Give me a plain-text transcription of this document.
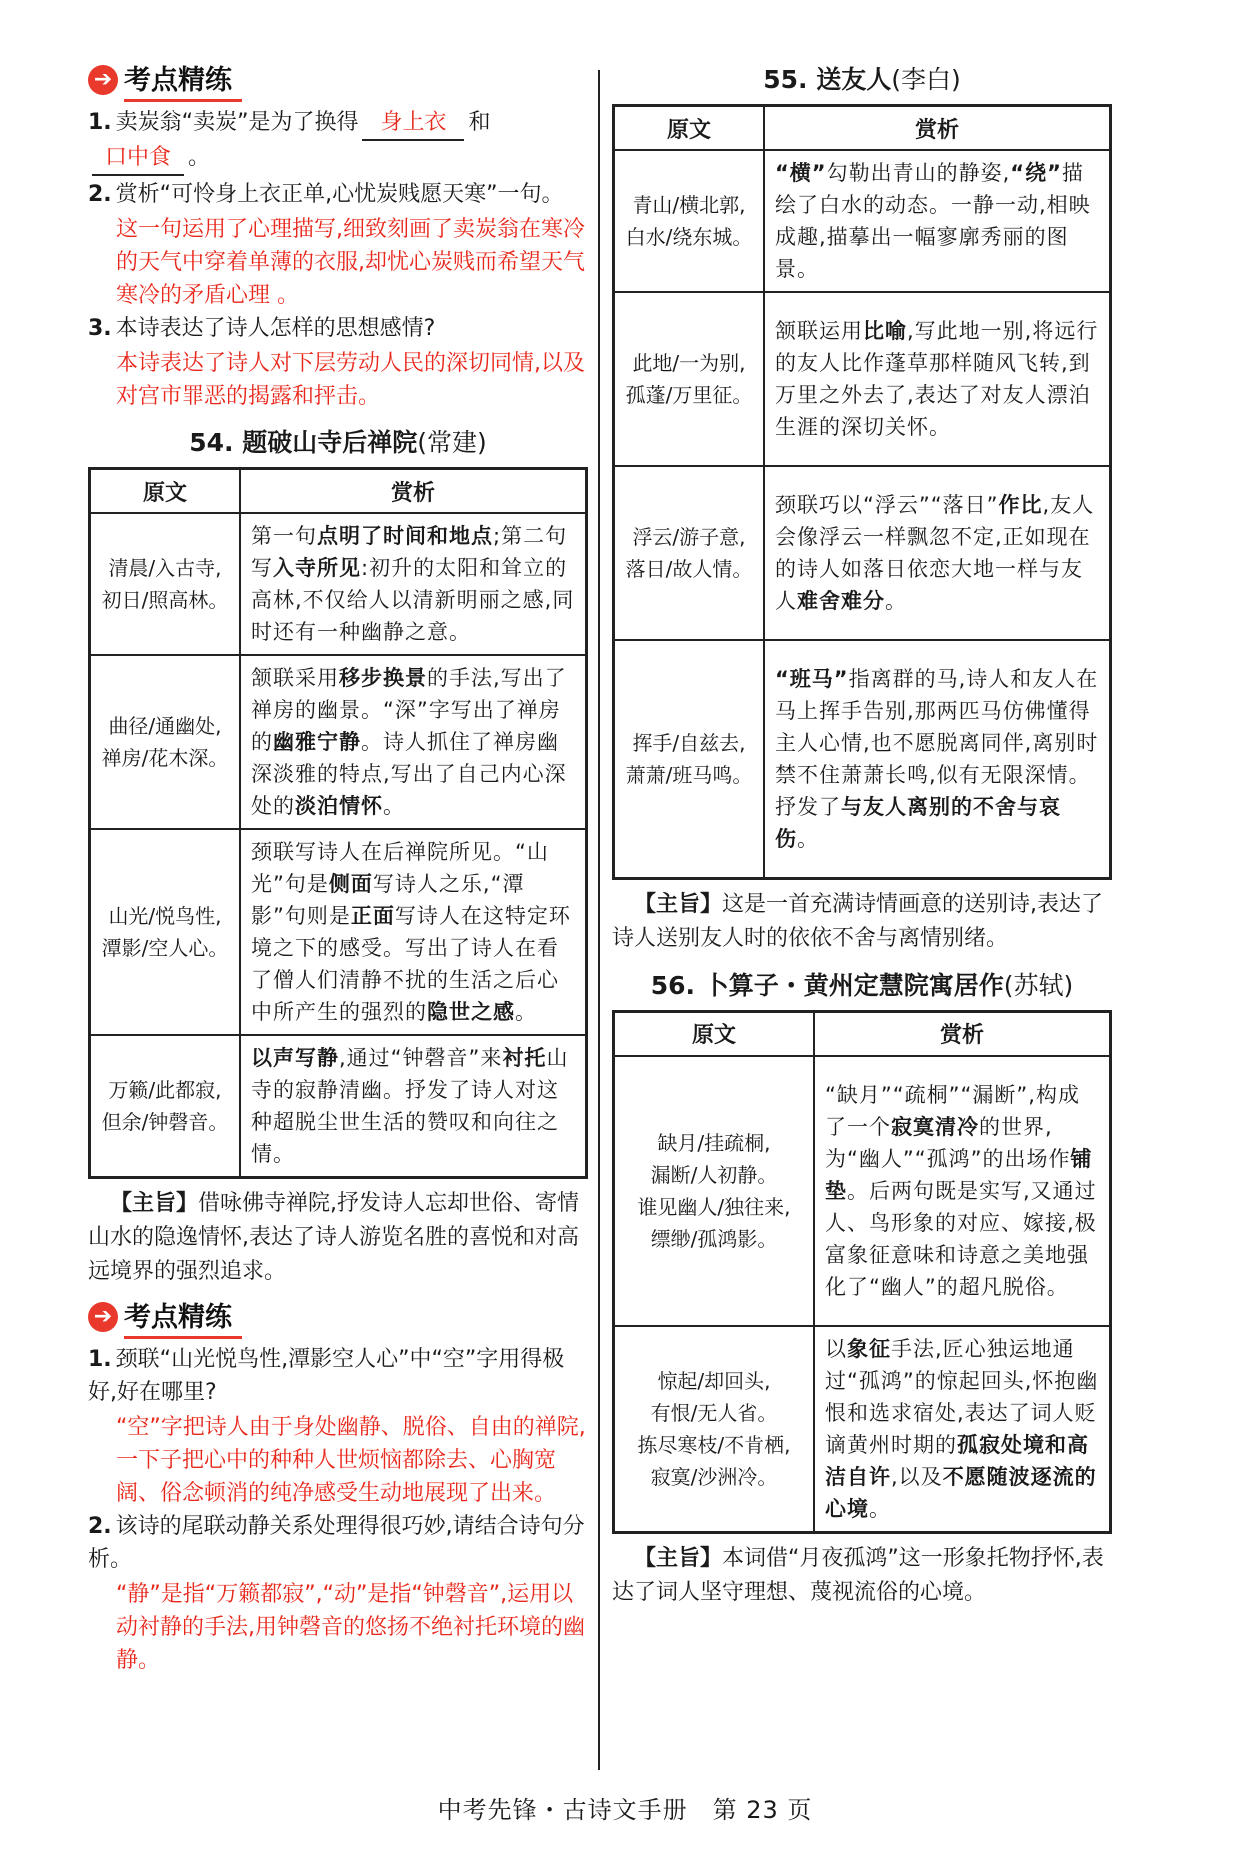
➔ 考点精练
1. 卖炭翁“卖炭”是为了换得 身上衣 和口中食 。
2. 赏析“可怜身上衣正单,心忧炭贱愿天寒”一句。
这一句运用了心理描写,细致刻画了卖炭翁在寒冷的天气中穿着单薄的衣服,却忧心炭贱而希望天气寒冷的矛盾心理 。
3. 本诗表达了诗人怎样的思想感情?
本诗表达了诗人对下层劳动人民的深切同情,以及对宫市罪恶的揭露和抨击。
54. 题破山寺后禅院(常建)
原文	赏析

清晨/入古寺,
初日/照高林。	第一句点明了时间和地点;第二句写入寺所见:初升的太阳和耸立的高林,不仅给人以清新明丽之感,同时还有一种幽静之意。

曲径/通幽处,
禅房/花木深。	颔联采用移步换景的手法,写出了禅房的幽景。“深”字写出了禅房的幽雅宁静。诗人抓住了禅房幽深淡雅的特点,写出了自己内心深处的淡泊情怀。

山光/悦鸟性,
潭影/空人心。	颈联写诗人在后禅院所见。“山光”句是侧面写诗人之乐,“潭影”句则是正面写诗人在这特定环境之下的感受。写出了诗人在看了僧人们清静不扰的生活之后心中所产生的强烈的隐世之感。

万籁/此都寂,
但余/钟磬音。	以声写静,通过“钟磬音”来衬托山寺的寂静清幽。抒发了诗人对这种超脱尘世生活的赞叹和向往之情。
【主旨】借咏佛寺禅院,抒发诗人忘却世俗、寄情山水的隐逸情怀,表达了诗人游览名胜的喜悦和对高远境界的强烈追求。
➔ 考点精练
1. 颈联“山光悦鸟性,潭影空人心”中“空”字用得极好,好在哪里?
“空”字把诗人由于身处幽静、脱俗、自由的禅院,一下子把心中的种种人世烦恼都除去、心胸宽阔、俗念顿消的纯净感受生动地展现了出来。
2. 该诗的尾联动静关系处理得很巧妙,请结合诗句分析。
“静”是指“万籁都寂”,“动”是指“钟磬音”,运用以动衬静的手法,用钟磬音的悠扬不绝衬托环境的幽静。
55. 送友人(李白)
原文	赏析

青山/横北郭,
白水/绕东城。	“横”勾勒出青山的静姿,“绕”描绘了白水的动态。一静一动,相映成趣,描摹出一幅寥廓秀丽的图景。

此地/一为别,
孤蓬/万里征。	颔联运用比喻,写此地一别,将远行的友人比作蓬草那样随风飞转,到万里之外去了,表达了对友人漂泊生涯的深切关怀。

浮云/游子意,
落日/故人情。	颈联巧以“浮云”“落日”作比,友人会像浮云一样飘忽不定,正如现在的诗人如落日依恋大地一样与友人难舍难分。

挥手/自兹去,
萧萧/班马鸣。	“班马”指离群的马,诗人和友人在马上挥手告别,那两匹马仿佛懂得主人心情,也不愿脱离同伴,离别时禁不住萧萧长鸣,似有无限深情。抒发了与友人离别的不舍与哀伤。
【主旨】这是一首充满诗情画意的送别诗,表达了诗人送别友人时的依依不舍与离情别绪。
56. 卜算子・黄州定慧院寓居作(苏轼)
原文	赏析

缺月/挂疏桐,
漏断/人初静。
谁见幽人/独往来,
缥缈/孤鸿影。	“缺月”“疏桐”“漏断”,构成了一个寂寞清冷的世界,为“幽人”“孤鸿”的出场作铺垫。后两句既是实写,又通过人、鸟形象的对应、嫁接,极富象征意味和诗意之美地强化了“幽人”的超凡脱俗。

惊起/却回头,
有恨/无人省。
拣尽寒枝/不肯栖,
寂寞/沙洲冷。	以象征手法,匠心独运地通过“孤鸿”的惊起回头,怀抱幽恨和选求宿处,表达了词人贬谪黄州时期的孤寂处境和高洁自许,以及不愿随波逐流的心境。
【主旨】本词借“月夜孤鸿”这一形象托物抒怀,表达了词人坚守理想、蔑视流俗的心境。
中考先锋・古诗文手册　第 23 页
